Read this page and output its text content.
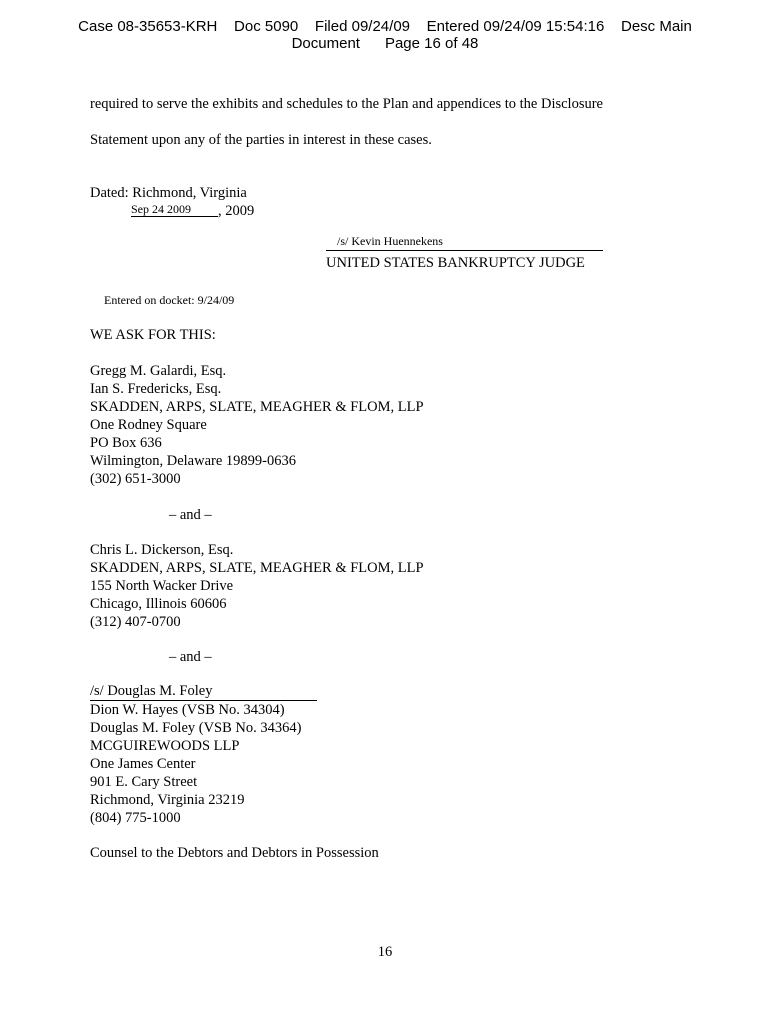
Case 08-35653-KRH    Doc 5090    Filed 09/24/09    Entered 09/24/09 15:54:16    Desc Main
Document      Page 16 of 48
required to serve the exhibits and schedules to the Plan and appendices to the Disclosure
Statement upon any of the parties in interest in these cases.
Dated: Richmond, Virginia
Sep 24 2009	, 2009
/s/ Kevin Huennekens
UNITED STATES BANKRUPTCY JUDGE
Entered on docket: 9/24/09
WE ASK FOR THIS:
Gregg M. Galardi, Esq.
Ian S. Fredericks, Esq.
SKADDEN, ARPS, SLATE, MEAGHER & FLOM, LLP
One Rodney Square
PO Box 636
Wilmington, Delaware 19899-0636
(302) 651-3000
– and –
Chris L. Dickerson, Esq.
SKADDEN, ARPS, SLATE, MEAGHER & FLOM, LLP
155 North Wacker Drive
Chicago, Illinois 60606
(312) 407-0700
– and –
/s/ Douglas M. Foley
Dion W. Hayes (VSB No. 34304)
Douglas M. Foley (VSB No. 34364)
MCGUIREWOODS LLP
One James Center
901 E. Cary Street
Richmond, Virginia 23219
(804) 775-1000
Counsel to the Debtors and Debtors in Possession
16
